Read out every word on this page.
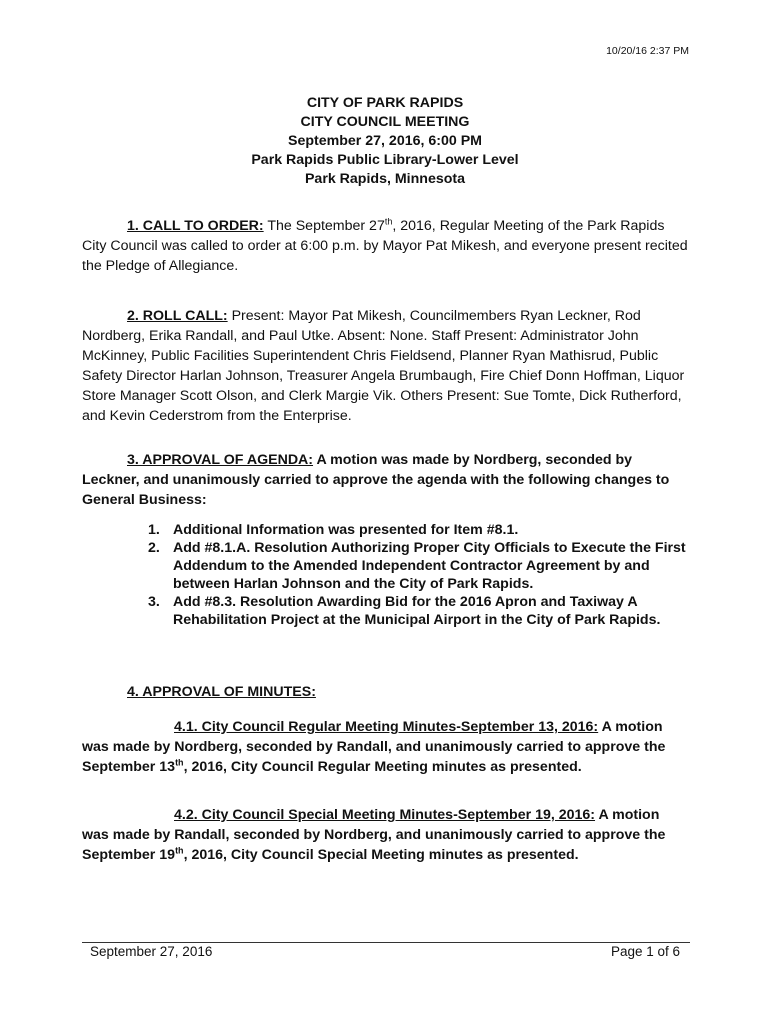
10/20/16 2:37 PM
CITY OF PARK RAPIDS
CITY COUNCIL MEETING
September 27, 2016, 6:00 PM
Park Rapids Public Library-Lower Level
Park Rapids, Minnesota
1. CALL TO ORDER: The September 27th, 2016, Regular Meeting of the Park Rapids City Council was called to order at 6:00 p.m. by Mayor Pat Mikesh, and everyone present recited the Pledge of Allegiance.
2. ROLL CALL: Present: Mayor Pat Mikesh, Councilmembers Ryan Leckner, Rod Nordberg, Erika Randall, and Paul Utke. Absent: None. Staff Present: Administrator John McKinney, Public Facilities Superintendent Chris Fieldsend, Planner Ryan Mathisrud, Public Safety Director Harlan Johnson, Treasurer Angela Brumbaugh, Fire Chief Donn Hoffman, Liquor Store Manager Scott Olson, and Clerk Margie Vik. Others Present: Sue Tomte, Dick Rutherford, and Kevin Cederstrom from the Enterprise.
3. APPROVAL OF AGENDA: A motion was made by Nordberg, seconded by Leckner, and unanimously carried to approve the agenda with the following changes to General Business:
1. Additional Information was presented for Item #8.1.
2. Add #8.1.A. Resolution Authorizing Proper City Officials to Execute the First Addendum to the Amended Independent Contractor Agreement by and between Harlan Johnson and the City of Park Rapids.
3. Add #8.3. Resolution Awarding Bid for the 2016 Apron and Taxiway A Rehabilitation Project at the Municipal Airport in the City of Park Rapids.
4. APPROVAL OF MINUTES:
4.1. City Council Regular Meeting Minutes-September 13, 2016: A motion was made by Nordberg, seconded by Randall, and unanimously carried to approve the September 13th, 2016, City Council Regular Meeting minutes as presented.
4.2. City Council Special Meeting Minutes-September 19, 2016: A motion was made by Randall, seconded by Nordberg, and unanimously carried to approve the September 19th, 2016, City Council Special Meeting minutes as presented.
September 27, 2016	Page 1 of 6
